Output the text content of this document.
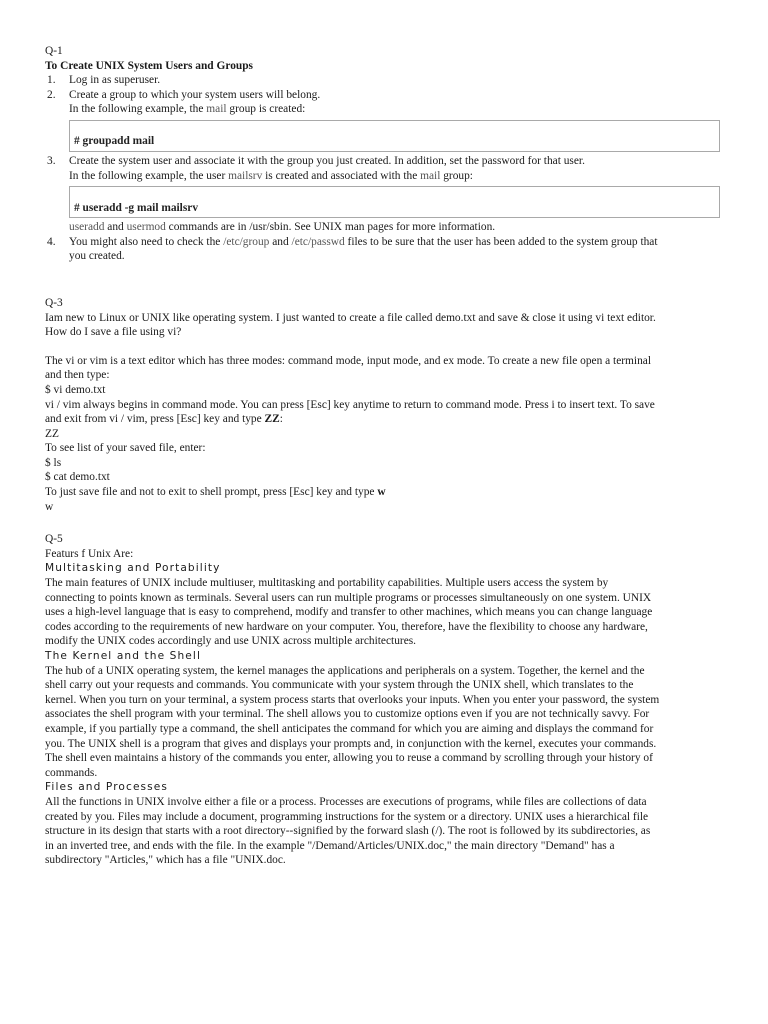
Q-1
To Create UNIX System Users and Groups
1. Log in as superuser.
2. Create a group to which your system users will belong.
In the following example, the mail group is created:
# groupadd mail
3. Create the system user and associate it with the group you just created. In addition, set the password for that user.
In the following example, the user mailsrv is created and associated with the mail group:
# useradd -g mail mailsrv
useradd and usermod commands are in /usr/sbin. See UNIX man pages for more information.
4. You might also need to check the /etc/group and /etc/passwd files to be sure that the user has been added to the system group that
you created.
Q-3
Iam new to Linux or UNIX like operating system. I just wanted to create a file called demo.txt and save & close it using vi text editor.
How do I save a file using vi?
The vi or vim is a text editor which has three modes: command mode, input mode, and ex mode. To create a new file open a terminal
and then type:
$ vi demo.txt
vi / vim always begins in command mode. You can press [Esc] key anytime to return to command mode. Press i to insert text. To save
and exit from vi / vim, press [Esc] key and type ZZ:
ZZ
To see list of your saved file, enter:
$ ls
$ cat demo.txt
To just save file and not to exit to shell prompt, press [Esc] key and type w
w
Q-5
Featurs f Unix Are:
Multitasking and Portability
The main features of UNIX include multiuser, multitasking and portability capabilities. Multiple users access the system by
connecting to points known as terminals. Several users can run multiple programs or processes simultaneously on one system. UNIX
uses a high-level language that is easy to comprehend, modify and transfer to other machines, which means you can change language
codes according to the requirements of new hardware on your computer. You, therefore, have the flexibility to choose any hardware,
modify the UNIX codes accordingly and use UNIX across multiple architectures.
The Kernel and the Shell
The hub of a UNIX operating system, the kernel manages the applications and peripherals on a system. Together, the kernel and the
shell carry out your requests and commands. You communicate with your system through the UNIX shell, which translates to the
kernel. When you turn on your terminal, a system process starts that overlooks your inputs. When you enter your password, the system
associates the shell program with your terminal. The shell allows you to customize options even if you are not technically savvy. For
example, if you partially type a command, the shell anticipates the command for which you are aiming and displays the command for
you. The UNIX shell is a program that gives and displays your prompts and, in conjunction with the kernel, executes your commands.
The shell even maintains a history of the commands you enter, allowing you to reuse a command by scrolling through your history of
commands.
Files and Processes
All the functions in UNIX involve either a file or a process. Processes are executions of programs, while files are collections of data
created by you. Files may include a document, programming instructions for the system or a directory. UNIX uses a hierarchical file
structure in its design that starts with a root directory--signified by the forward slash (/). The root is followed by its subdirectories, as
in an inverted tree, and ends with the file. In the example "/Demand/Articles/UNIX.doc," the main directory "Demand" has a
subdirectory "Articles," which has a file "UNIX.doc.
